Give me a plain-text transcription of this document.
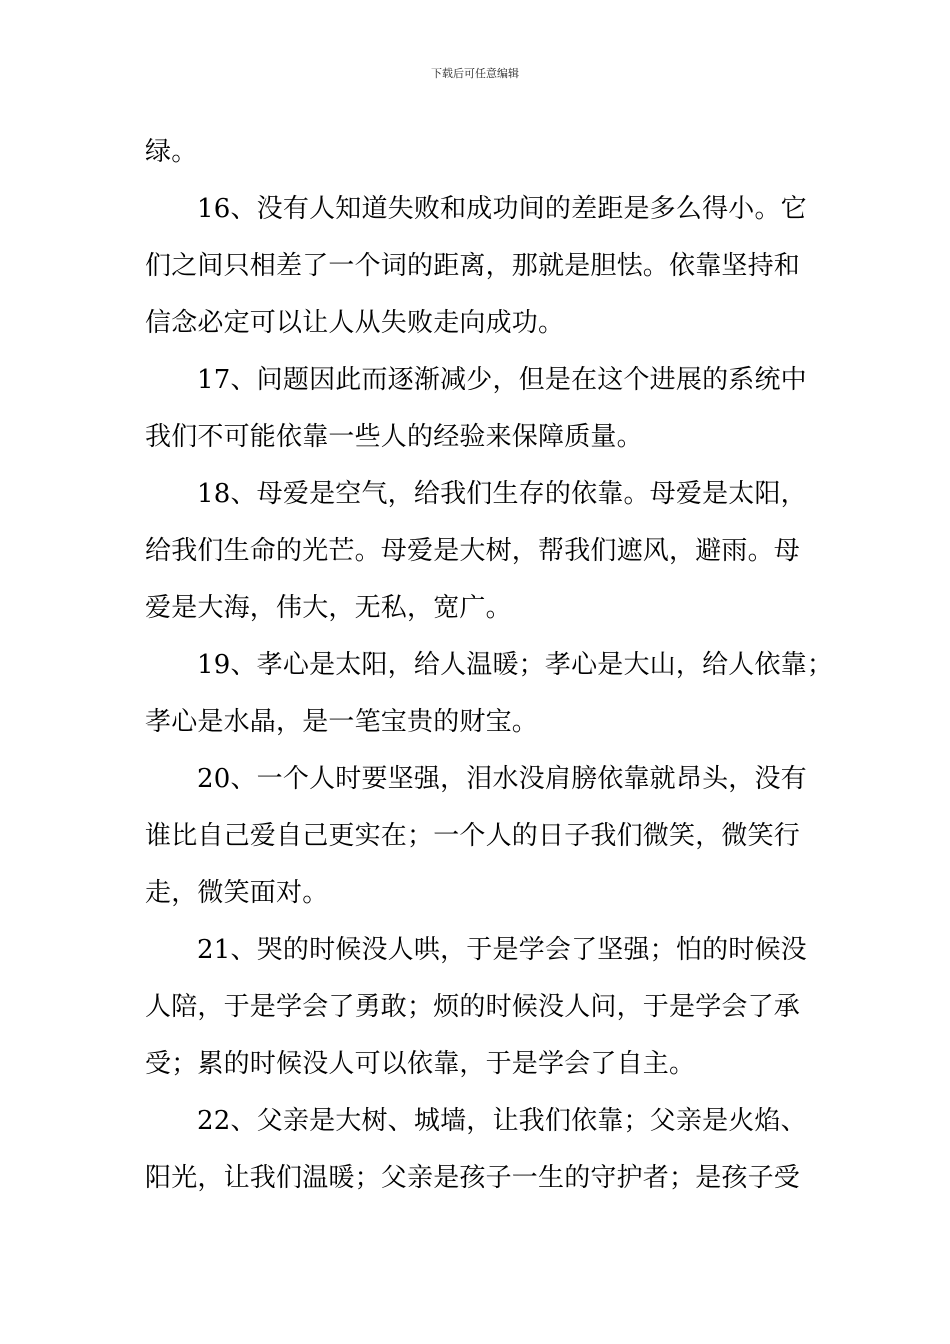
下载后可任意编辑
绿。
16、没有人知道失败和成功间的差距是多么得小。它
们之间只相差了一个词的距离，那就是胆怯。依靠坚持和
信念必定可以让人从失败走向成功。
17、问题因此而逐渐减少，但是在这个进展的系统中
我们不可能依靠一些人的经验来保障质量。
18、母爱是空气，给我们生存的依靠。母爱是太阳，
给我们生命的光芒。母爱是大树，帮我们遮风，避雨。母
爱是大海，伟大，无私，宽广。
19、孝心是太阳，给人温暖；孝心是大山，给人依靠；
孝心是水晶，是一笔宝贵的财宝。
20、一个人时要坚强，泪水没肩膀依靠就昂头，没有
谁比自己爱自己更实在；一个人的日子我们微笑，微笑行
走，微笑面对。
21、哭的时候没人哄，于是学会了坚强；怕的时候没
人陪，于是学会了勇敢；烦的时候没人问，于是学会了承
受；累的时候没人可以依靠，于是学会了自主。
22、父亲是大树、城墙，让我们依靠；父亲是火焰、
阳光，让我们温暖；父亲是孩子一生的守护者；是孩子受
